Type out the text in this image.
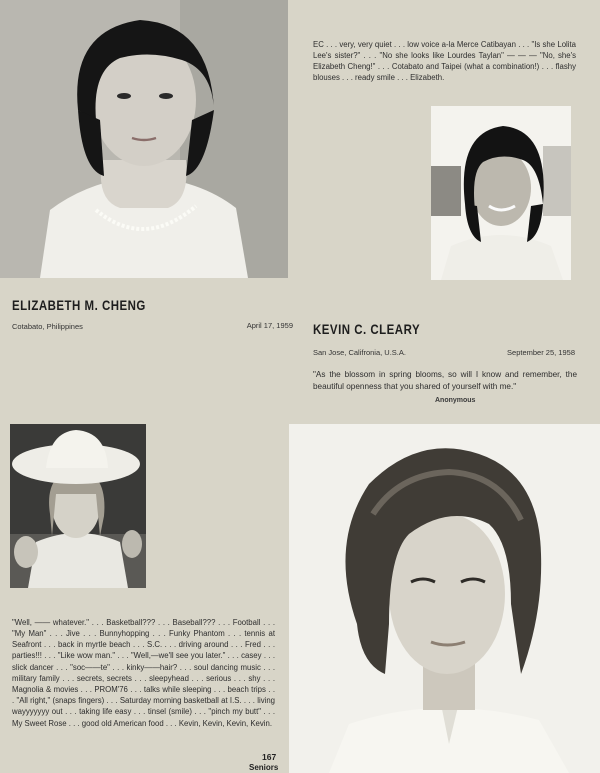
ELIZABETH M. CHENG
Cotabato, Philippines	April 17, 1959

EC . . . very, very quiet . . . low voice a-la Merce Catibayan . . . "Is she Lolita Lee's sister?" . . . "No she looks like Lourdes Taylan" — — — "No, she's Elizabeth Cheng!" . . . Cotabato and Taipei (what a combination!) . . . flashy blouses . . . ready smile . . . Elizabeth.

KEVIN C. CLEARY
San Jose, Califronia, U.S.A.	September 25, 1958

"As the blossom in spring blooms, so will I know and remember, the beautiful openness that you shared of yourself with me."

Anonymous

"Well, —— whatever." . . . Basketball??? . . . Baseball??? . . . Football . . . "My Man" . . . Jive . . . Bunnyhopping . . . Funky Phantom . . . tennis at Seafront . . . back in myrtle beach . . . S.C. . . . driving around . . . Fred . . . parties!!! . . . "Like wow man." . . . "Well,—we'll see you later." . . . casey . . . slick dancer . . . "soc——te" . . . kinky——hair? . . . soul dancing music . . . military family . . . secrets, secrets . . . sleepyhead . . . serious . . . shy . . . Magnolia & movies . . . PROM'76 . . . talks while sleeping . . . beach trips . . . "All right," (snaps fingers) . . . Saturday morning basketball at I.S. . . . living wayyyyyyy out . . . taking life easy . . . tinsel (smile) . . . "pinch my butt" . . . My Sweet Rose . . . good old American food . . . Kevin, Kevin, Kevin, Kevin.

167
Seniors
